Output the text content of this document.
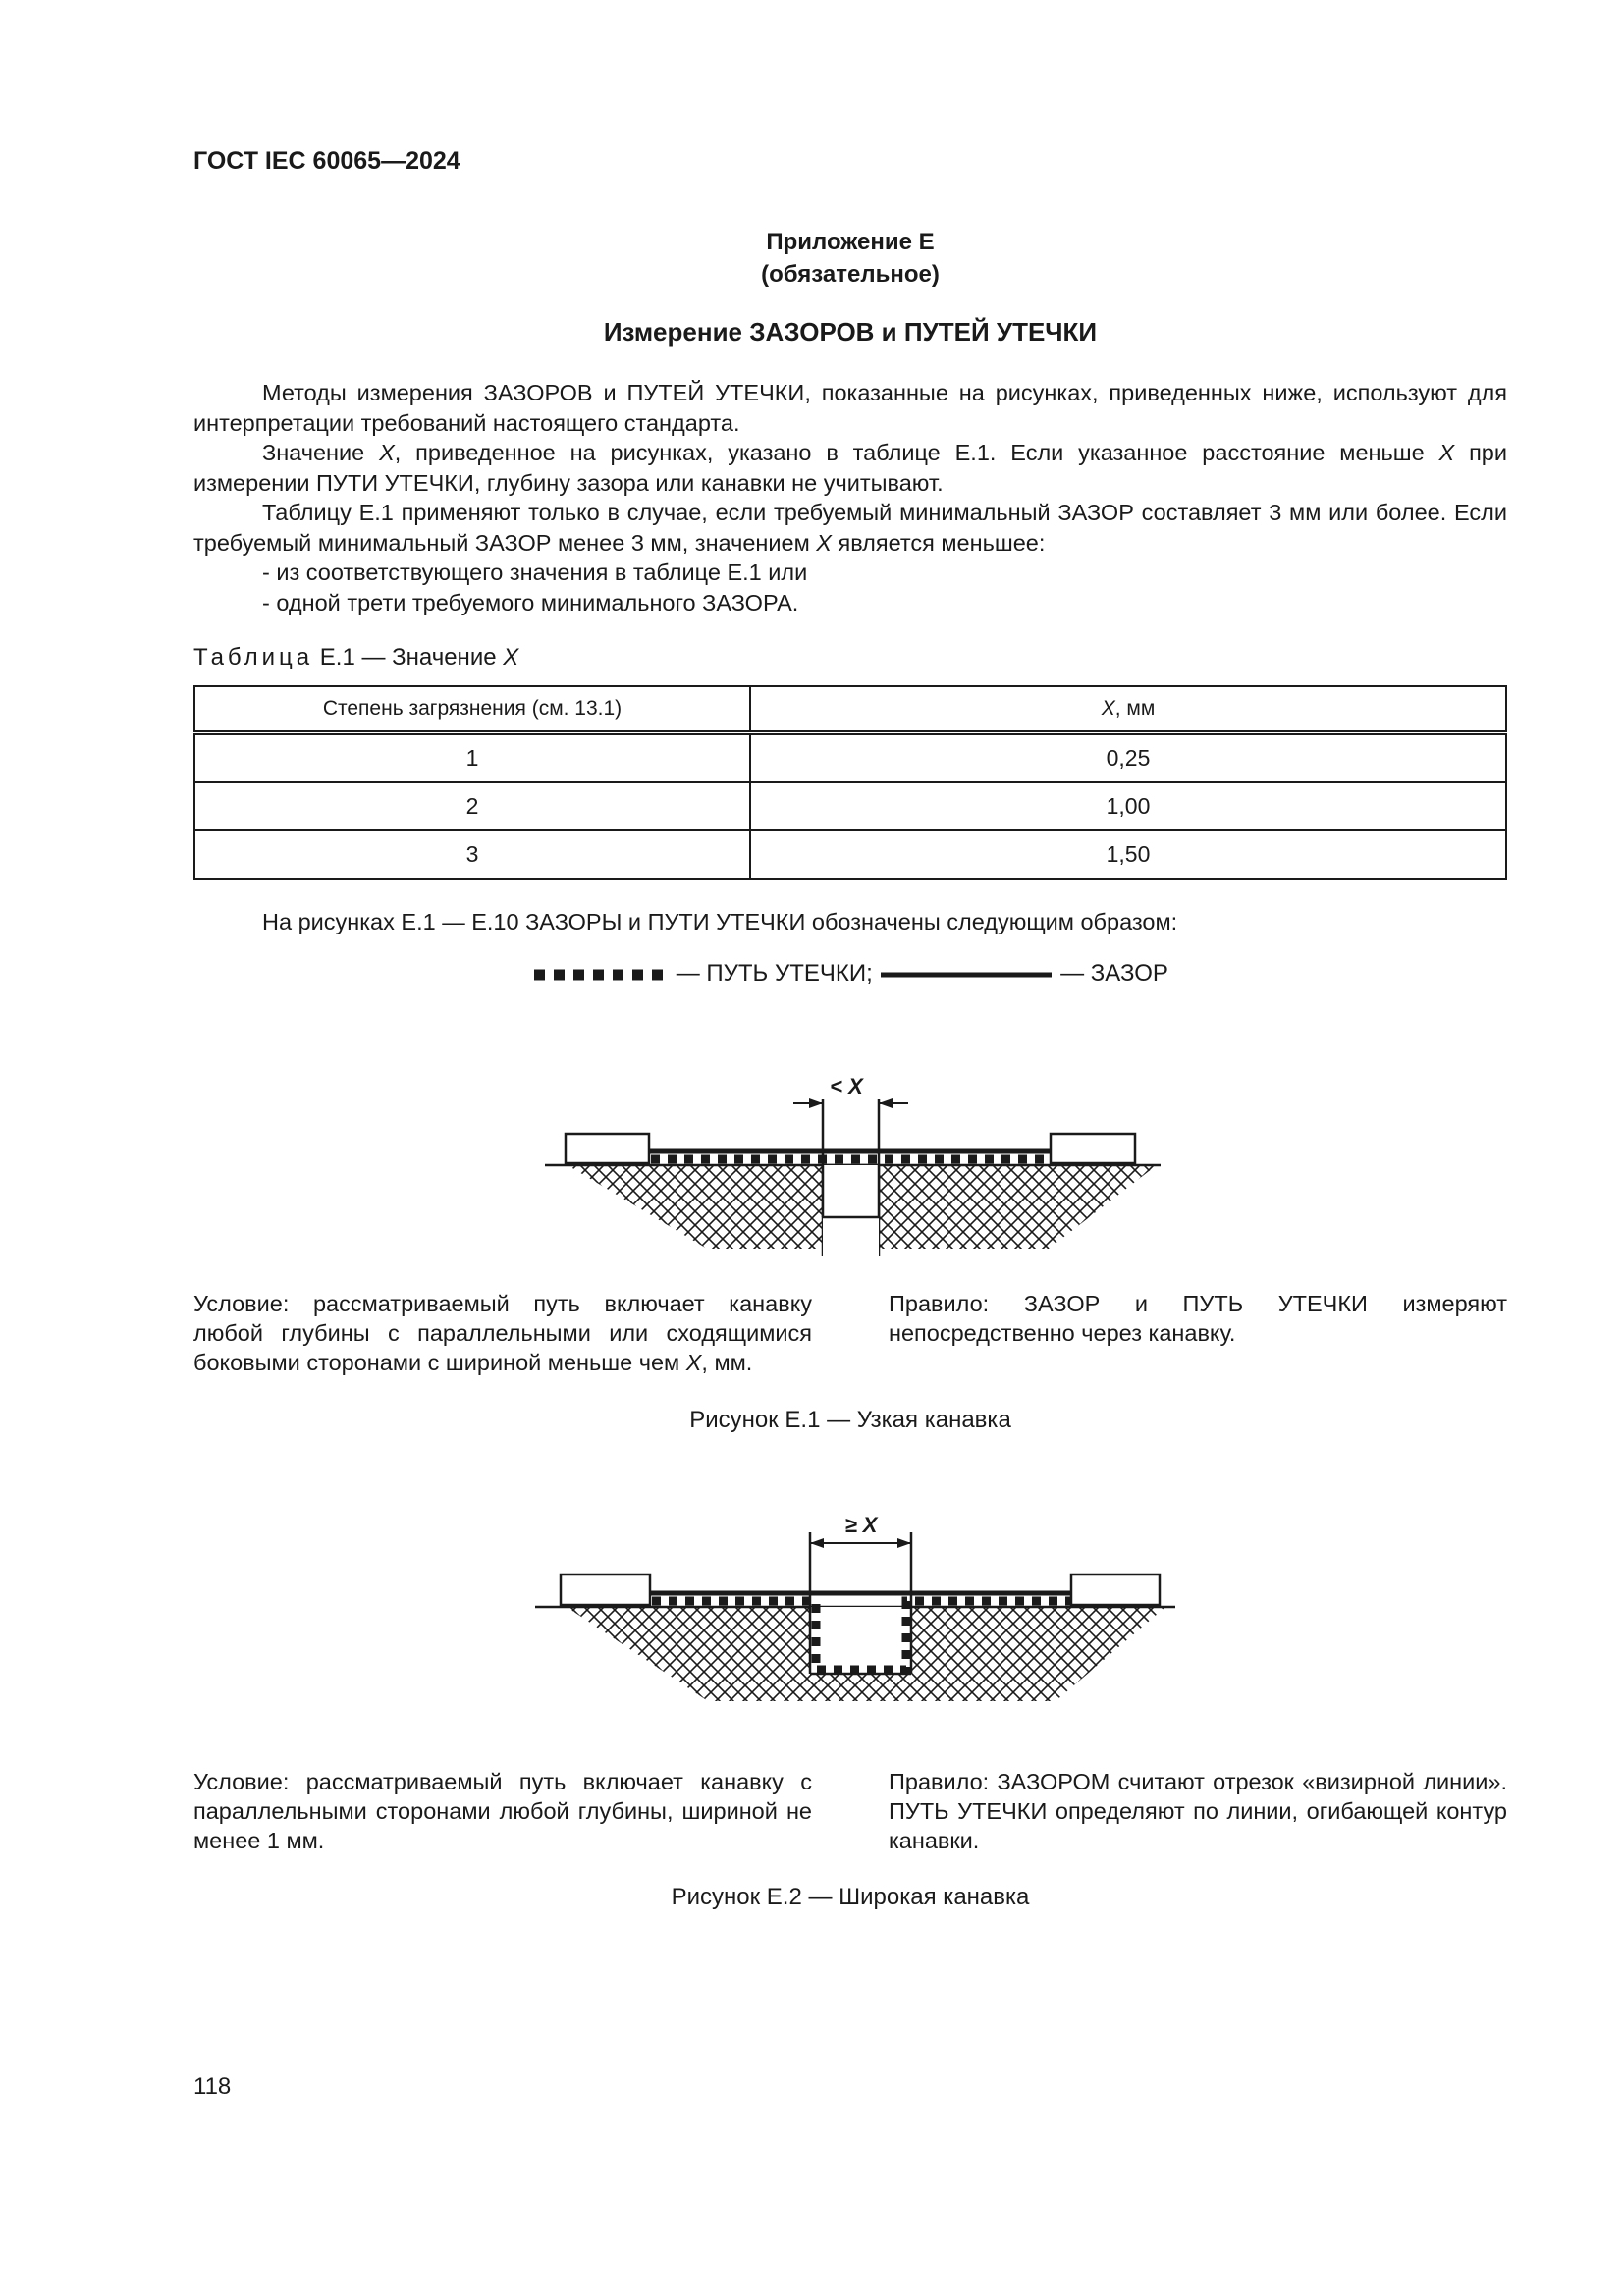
ГОСТ IEC 60065—2024
Приложение Е
(обязательное)
Измерение ЗАЗОРОВ и ПУТЕЙ УТЕЧКИ

Методы измерения ЗАЗОРОВ и ПУТЕЙ УТЕЧКИ, показанные на рисунках, приведенных ниже, используют для интерпретации требований настоящего стандарта.

Значение X, приведенное на рисунках, указано в таблице Е.1. Если указанное расстояние меньше X при измерении ПУТИ УТЕЧКИ, глубину зазора или канавки не учитывают.

Таблицу Е.1 применяют только в случае, если требуемый минимальный ЗАЗОР составляет 3 мм или более. Если требуемый минимальный ЗАЗОР менее 3 мм, значением X является меньшее:

- из соответствующего значения в таблице Е.1 или

- одной трети требуемого минимального ЗАЗОРА.

Таблица Е.1 — Значение X
Степень загрязнения (см. 13.1)	X, мм
1	0,25
2	1,00
3	1,50

На рисунках Е.1 — Е.10 ЗАЗОРЫ и ПУТИ УТЕЧКИ обозначены следующим образом:

— ПУТЬ УТЕЧКИ;	— ЗАЗОР
< X
Условие: рассматриваемый путь включает канавку любой глубины с параллельными или сходящимися боковыми сторонами с шириной меньше чем X, мм.
Правило: ЗАЗОР и ПУТЬ УТЕЧКИ измеряют непосредственно через канавку.
Рисунок Е.1 — Узкая канавка
≥ X
Условие: рассматриваемый путь включает канавку с параллельными сторонами любой глубины, шириной не менее 1 мм.
Правило: ЗАЗОРОМ считают отрезок «визирной линии». ПУТЬ УТЕЧКИ определяют по линии, огибающей контур канавки.
Рисунок Е.2 — Широкая канавка
118
